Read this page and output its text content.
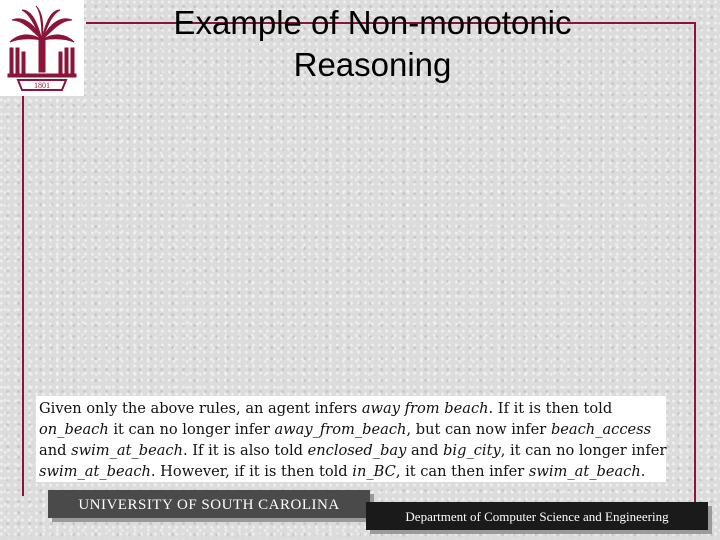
1801
Example of Non-monotonic Reasoning
Given only the above rules, an agent infers away from beach. If it is then told
on_beach it can no longer infer away_from_beach, but can now infer beach_access
and swim_at_beach. If it is also told enclosed_bay and big_city, it can no longer infer
swim_at_beach. However, if it is then told in_BC, it can then infer swim_at_beach.
UNIVERSITY OF SOUTH CAROLINA
Department of Computer Science and Engineering
